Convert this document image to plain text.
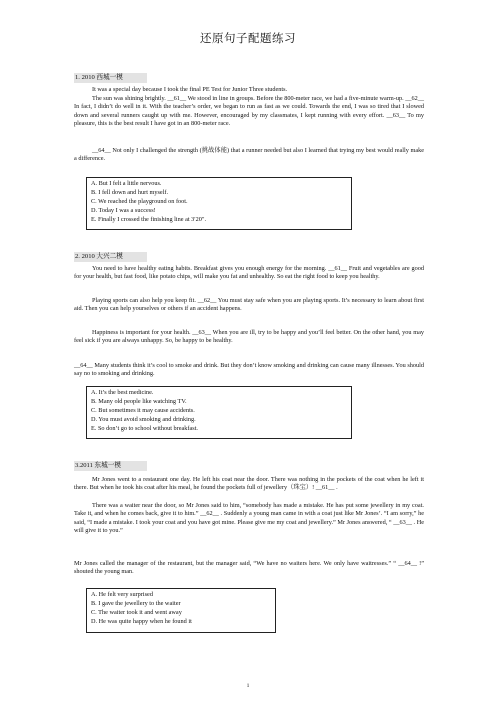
还原句子配题练习
1. 2010 西城一模

It was a special day because I took the final PE Test for Junior Three students.

The sun was shining brightly. __61__ We stood in line in groups. Before the 800-meter race, we had a five-minute warm-up. __62__ In fact, I didn’t do well in it. With the teacher’s order, we began to run as fast as we could. Towards the end, I was so tired that I slowed down and several runners caught up with me. However, encouraged by my classmates, I kept running with every effort. __63__ To my pleasure, this is the best result I have got in an 800-meter race.

__64__ Not only I challenged the strength (挑战体能) that a runner needed but also I learned that trying my best would really make a difference.

A. But I felt a little nervous.
B. I fell down and hurt myself.
C. We reached the playground on foot.
D. Today I was a success!
E. Finally I crossed the finishing line at 3′20″.
2. 2010 大兴二模

You need to have healthy eating habits. Breakfast gives you enough energy for the morning. __61__ Fruit and vegetables are good for your health, but fast food, like potato chips, will make you fat and unhealthy. So eat the right food to keep you healthy.

Playing sports can also help you keep fit. __62__ You must stay safe when you are playing sports. It’s necessary to learn about first aid. Then you can help yourselves or others if an accident happens.

Happiness is important for your health. __63__ When you are ill, try to be happy and you’ll feel better. On the other hand, you may feel sick if you are always unhappy. So, be happy to be healthy.

__64__ Many students think it’s cool to smoke and drink. But they don’t know smoking and drinking can cause many illnesses. You should say no to smoking and drinking.

A. It’s the best medicine.
B. Many old people like watching TV.
C. But sometimes it may cause accidents.
D. You must avoid smoking and drinking.
E. So don’t go to school without breakfast.
3.2011 东城一模

Mr Jones went to a restaurant one day. He left his coat near the door. There was nothing in the pockets of the coat when he left it there. But when he took his coat after his meal, he found the pockets full of jewellery（珠宝）! __61__ .

There was a waiter near the door, so Mr Jones said to him, “somebody has made a mistake. He has put some jewellery in my coat. Take it, and when he comes back, give it to him.” __62__ . Suddenly a young man came in with a coat just like Mr Jones’. “I am sorry,” he said, “I made a mistake. I took your coat and you have got mine. Please give me my coat and jewellery.” Mr Jones answered, “ __63__ . He will give it to you.”

Mr Jones called the manager of the restaurant, but the manager said, “We have no waiters here. We only have waitresses.” “ __64__ !” shouted the young man.

A. He felt very surprised
B. I gave the jewellery to the waiter
C. The waiter took it and went away
D. He was quite happy when he found it
1
